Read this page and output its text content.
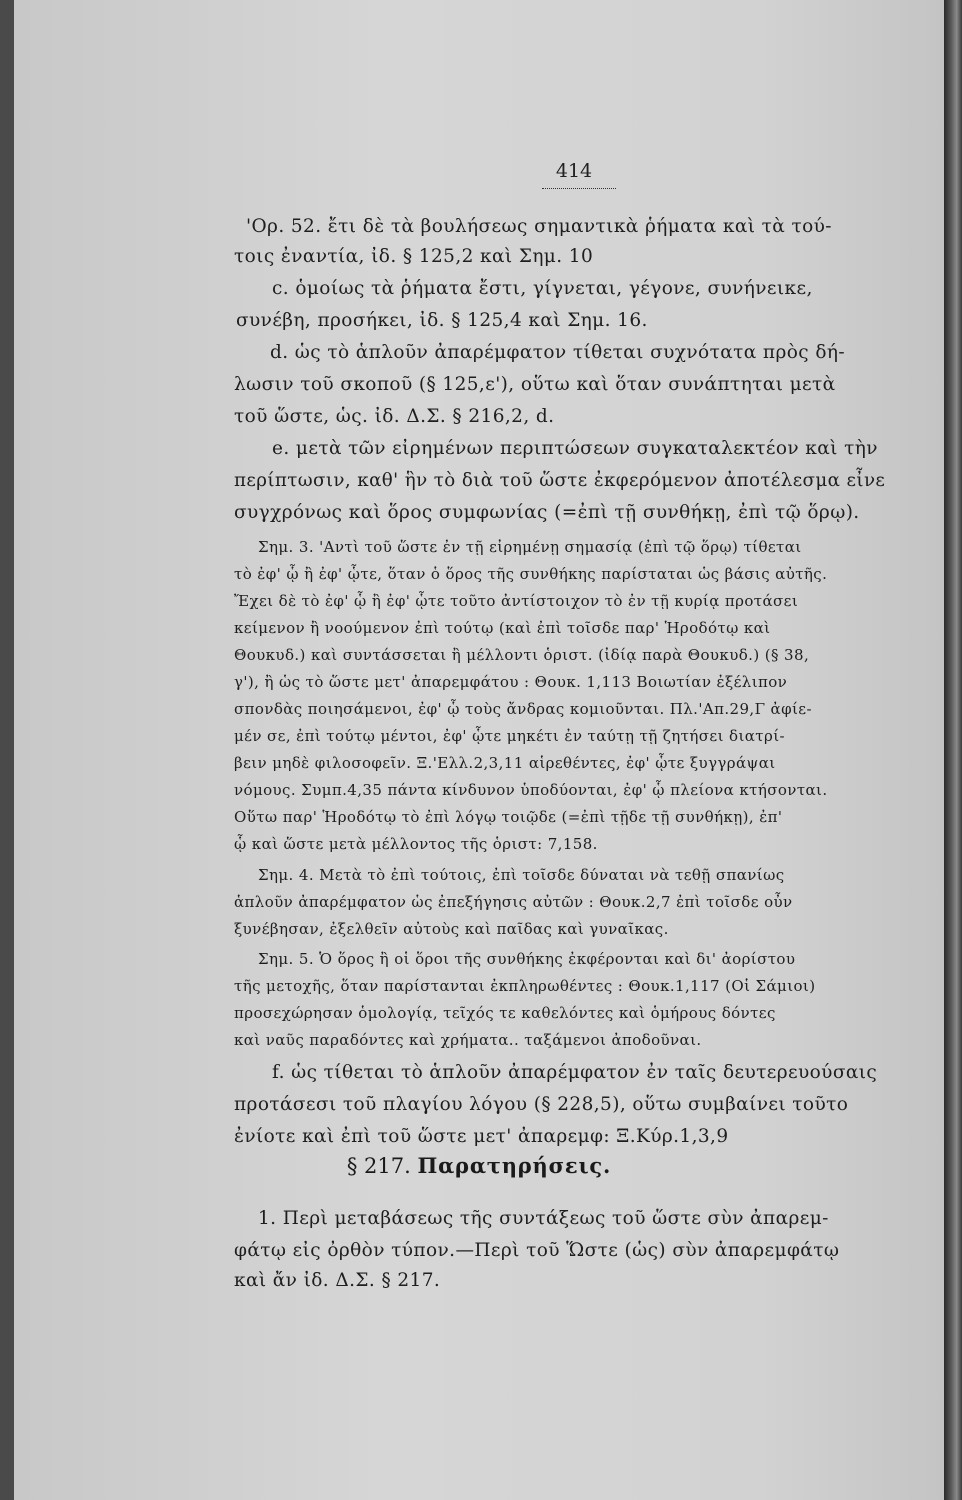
414
'Ορ. 52. ἔτι δὲ τὰ βουλήσεως σημαντικὰ ῥήματα καὶ τὰ τού-
τοις ἐναντία, ἰδ. § 125,2 καὶ Σημ. 10
c. ὁμοίως τὰ ῥήματα ἔστι, γίγνεται, γέγονε, συνήνεικε,
συνέβη, προσήκει, ἰδ. § 125,4 καὶ Σημ. 16.
d. ὡς τὸ ἁπλοῦν ἀπαρέμφατον τίθεται συχνότατα πρὸς δή-
λωσιν τοῦ σκοποῦ (§ 125,ε'), οὕτω καὶ ὅταν συνάπτηται μετὰ
τοῦ ὥστε, ὡς. ἰδ. Δ.Σ. § 216,2, d.
e. μετὰ τῶν εἰρημένων περιπτώσεων συγκαταλεκτέον καὶ τὴν
περίπτωσιν, καθ' ἣν τὸ διὰ τοῦ ὥστε ἐκφερόμενον ἀποτέλεσμα εἶνε
συγχρόνως καὶ ὅρος συμφωνίας (=ἐπὶ τῇ συνθήκῃ, ἐπὶ τῷ ὅρῳ).
Σημ. 3. 'Αντὶ τοῦ ὥστε ἐν τῇ εἰρημένῃ σημασίᾳ (ἐπὶ τῷ ὅρῳ) τίθεται
τὸ ἐφ' ᾧ ἢ ἐφ' ᾧτε, ὅταν ὁ ὅρος τῆς συνθήκης παρίσταται ὡς βάσις αὐτῆς.
Ἔχει δὲ τὸ ἐφ' ᾧ ἢ ἐφ' ᾧτε τοῦτο ἀντίστοιχον τὸ ἐν τῇ κυρίᾳ προτάσει
κείμενον ἢ νοούμενον ἐπὶ τούτῳ (καὶ ἐπὶ τοῖσδε παρ' Ἡροδότῳ καὶ
Θουκυδ.) καὶ συντάσσεται ἢ μέλλοντι ὁριστ. (ἰδίᾳ παρὰ Θουκυδ.) (§ 38,
γ'), ἢ ὡς τὸ ὥστε μετ' ἀπαρεμφάτου : Θουκ. 1,113 Βοιωτίαν ἐξέλιπον
σπονδὰς ποιησάμενοι, ἐφ' ᾧ τοὺς ἄνδρας κομιοῦνται. Πλ.'Απ.29,Γ ἀφίε-
μέν σε, ἐπὶ τούτῳ μέντοι, ἐφ' ᾧτε μηκέτι ἐν ταύτῃ τῇ ζητήσει διατρί-
βειν μηδὲ φιλοσοφεῖν. Ξ.'Ελλ.2,3,11 αἱρεθέντες, ἐφ' ᾧτε ξυγγράψαι
νόμους. Συμπ.4,35 πάντα κίνδυνον ὑποδύονται, ἐφ' ᾧ πλείονα κτήσονται.
Οὕτω παρ' Ἡροδότῳ τὸ ἐπὶ λόγῳ τοιῷδε (=ἐπὶ τῇδε τῇ συνθήκῃ), ἐπ'
ᾧ καὶ ὥστε μετὰ μέλλοντος τῆς ὁριστ: 7,158.
Σημ. 4. Μετὰ τὸ ἐπὶ τούτοις, ἐπὶ τοῖσδε δύναται νὰ τεθῇ σπανίως
ἁπλοῦν ἀπαρέμφατον ὡς ἐπεξήγησις αὐτῶν : Θουκ.2,7 ἐπὶ τοῖσδε οὖν
ξυνέβησαν, ἐξελθεῖν αὐτοὺς καὶ παῖδας καὶ γυναῖκας.
Σημ. 5. Ὁ ὅρος ἢ οἱ ὅροι τῆς συνθήκης ἐκφέρονται καὶ δι' ἀορίστου
τῆς μετοχῆς, ὅταν παρίστανται ἐκπληρωθέντες : Θουκ.1,117 (Οἱ Σάμιοι)
προσεχώρησαν ὁμολογίᾳ, τεῖχός τε καθελόντες καὶ ὁμήρους δόντες
καὶ ναῦς παραδόντες καὶ χρήματα.. ταξάμενοι ἀποδοῦναι.
f. ὡς τίθεται τὸ ἁπλοῦν ἀπαρέμφατον ἐν ταῖς δευτερευούσαις
προτάσεσι τοῦ πλαγίου λόγου (§ 228,5), οὕτω συμβαίνει τοῦτο
ἐνίοτε καὶ ἐπὶ τοῦ ὥστε μετ' ἀπαρεμφ: Ξ.Κύρ.1,3,9
§ 217. Παρατηρήσεις.
1. Περὶ μεταβάσεως τῆς συντάξεως τοῦ ὥστε σὺν ἀπαρεμ-
φάτῳ εἰς ὀρθὸν τύπον.—Περὶ τοῦ Ὥστε (ὡς) σὺν ἀπαρεμφάτῳ
καὶ ἄν ἰδ. Δ.Σ. § 217.
